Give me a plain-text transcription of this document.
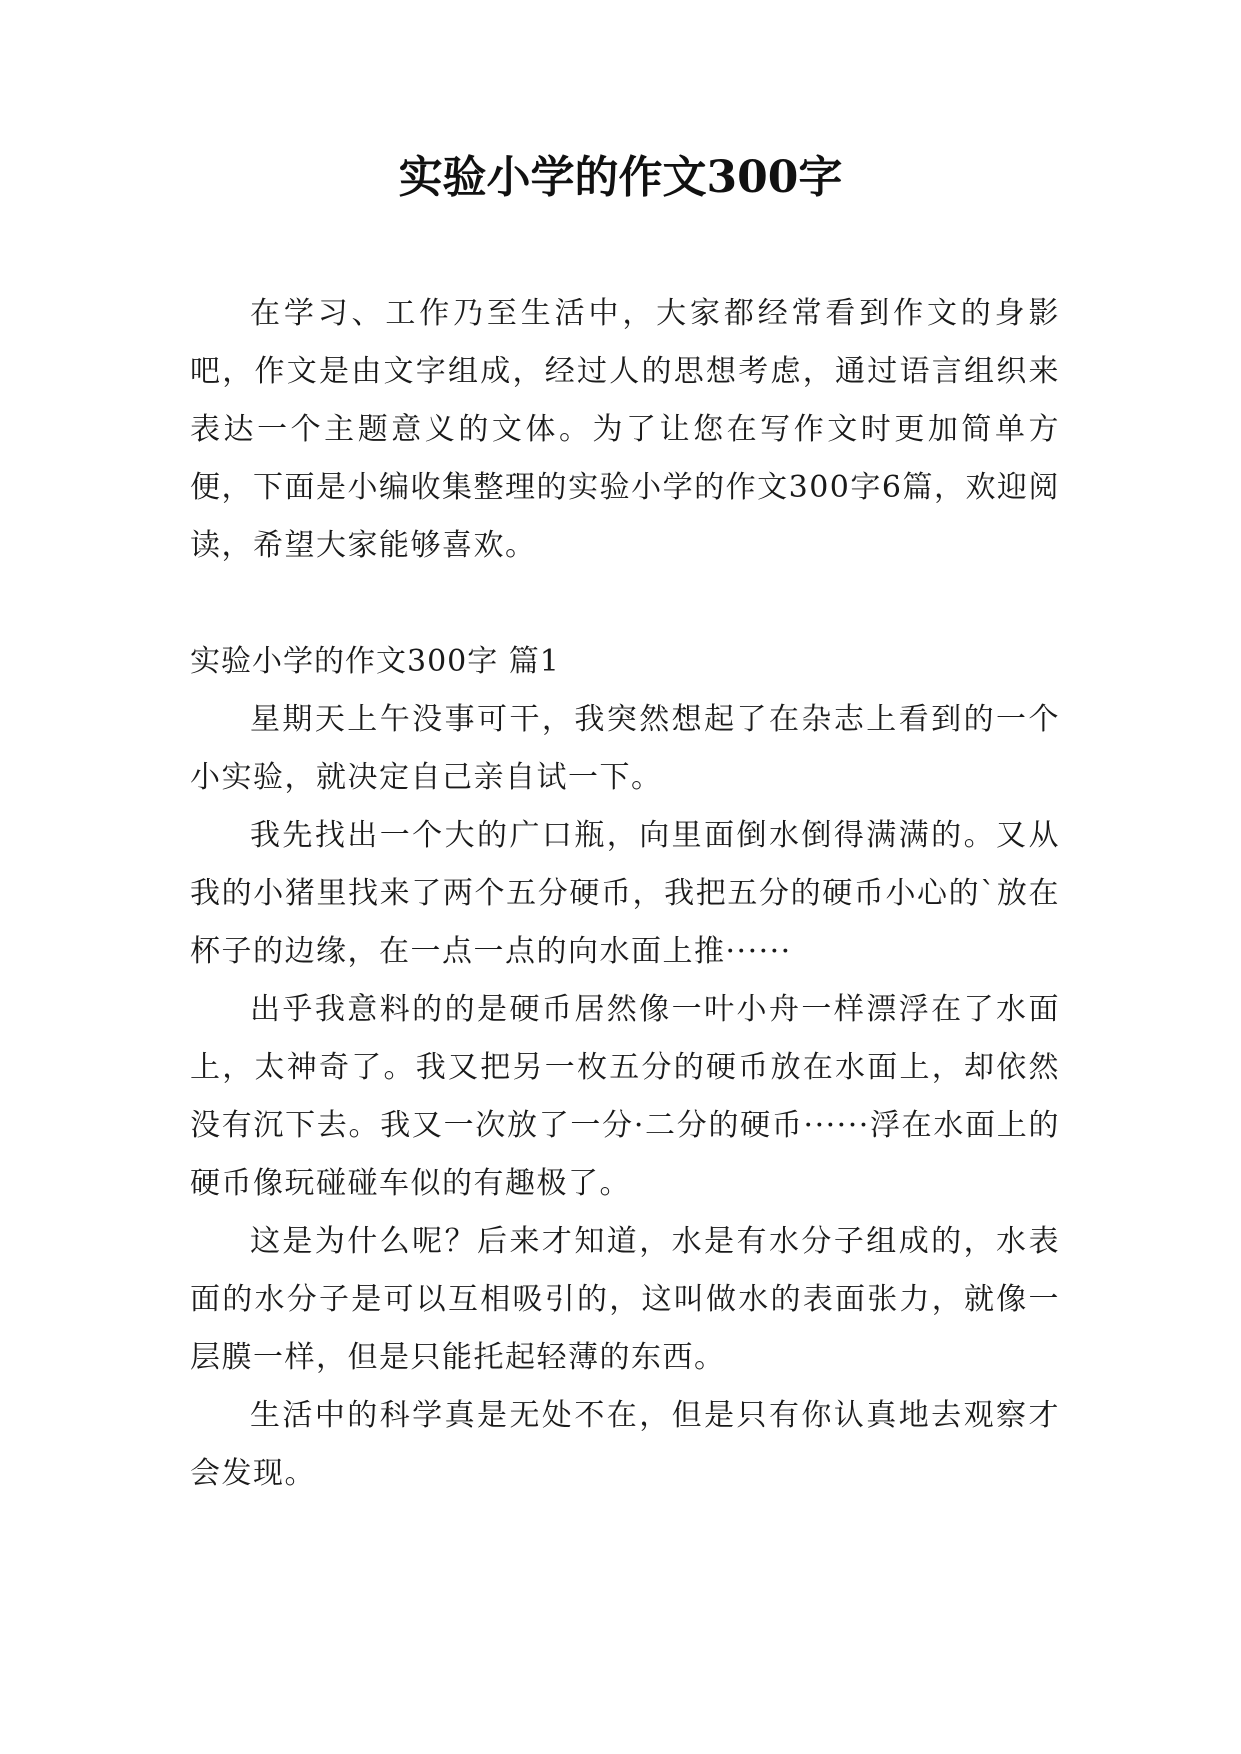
实验小学的作文300字

在学习、工作乃至生活中，大家都经常看到作文的身影吧，作文是由文字组成，经过人的思想考虑，通过语言组织来表达一个主题意义的文体。为了让您在写作文时更加简单方便，下面是小编收集整理的实验小学的作文300字6篇，欢迎阅读，希望大家能够喜欢。

实验小学的作文300字 篇1

星期天上午没事可干，我突然想起了在杂志上看到的一个小实验，就决定自己亲自试一下。

我先找出一个大的广口瓶，向里面倒水倒得满满的。又从我的小猪里找来了两个五分硬币，我把五分的硬币小心的`放在杯子的边缘，在一点一点的向水面上推······

出乎我意料的的是硬币居然像一叶小舟一样漂浮在了水面上，太神奇了。我又把另一枚五分的硬币放在水面上，却依然没有沉下去。我又一次放了一分·二分的硬币······浮在水面上的硬币像玩碰碰车似的有趣极了。

这是为什么呢？后来才知道，水是有水分子组成的，水表面的水分子是可以互相吸引的，这叫做水的表面张力，就像一层膜一样，但是只能托起轻薄的东西。

生活中的科学真是无处不在，但是只有你认真地去观察才会发现。
